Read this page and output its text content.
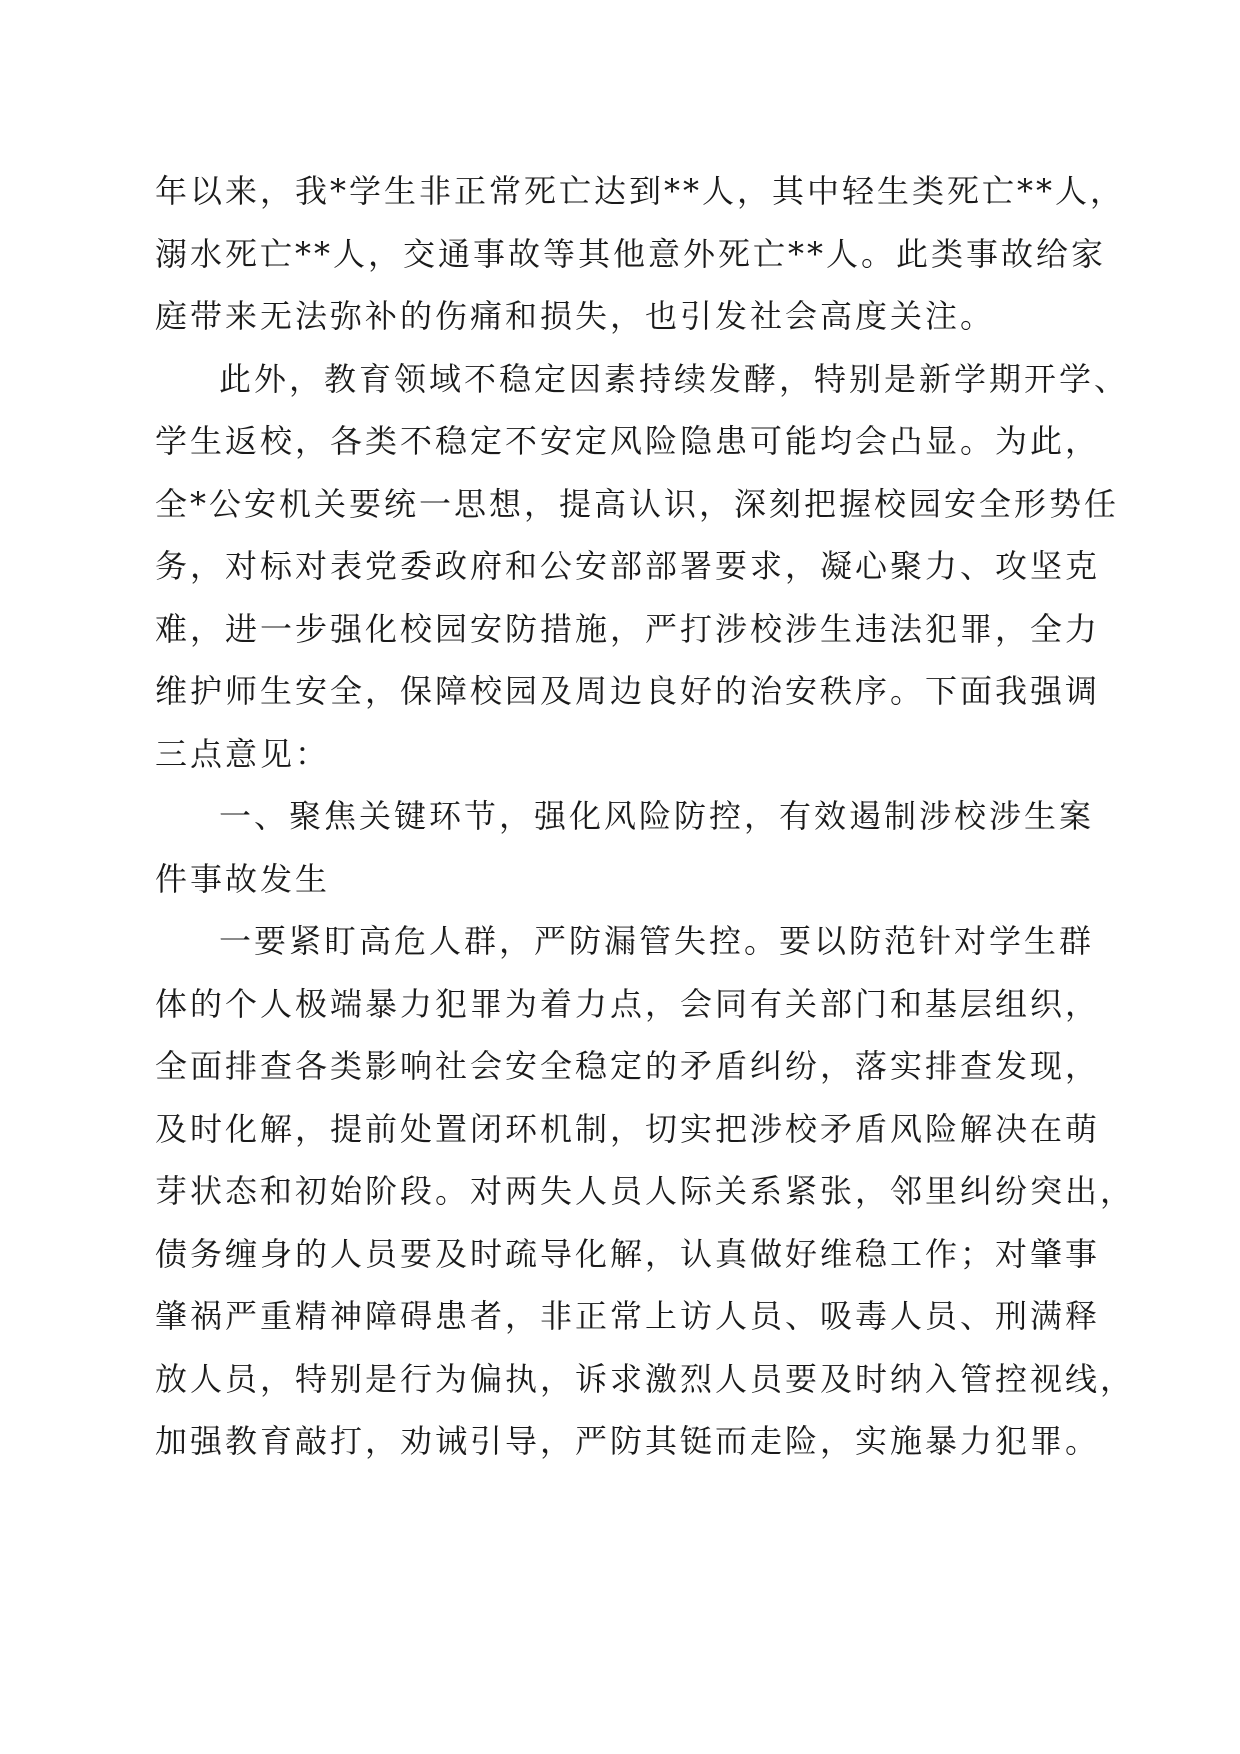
年以来，我*学生非正常死亡达到**人，其中轻生类死亡**人，
溺水死亡**人，交通事故等其他意外死亡**人。此类事故给家
庭带来无法弥补的伤痛和损失，也引发社会高度关注。
此外，教育领域不稳定因素持续发酵，特别是新学期开学、
学生返校，各类不稳定不安定风险隐患可能均会凸显。为此，
全*公安机关要统一思想，提高认识，深刻把握校园安全形势任
务，对标对表党委政府和公安部部署要求，凝心聚力、攻坚克
难，进一步强化校园安防措施，严打涉校涉生违法犯罪，全力
维护师生安全，保障校园及周边良好的治安秩序。下面我强调
三点意见：
一、聚焦关键环节，强化风险防控，有效遏制涉校涉生案
件事故发生
一要紧盯高危人群，严防漏管失控。要以防范针对学生群
体的个人极端暴力犯罪为着力点，会同有关部门和基层组织，
全面排查各类影响社会安全稳定的矛盾纠纷，落实排查发现，
及时化解，提前处置闭环机制，切实把涉校矛盾风险解决在萌
芽状态和初始阶段。对两失人员人际关系紧张，邻里纠纷突出，
债务缠身的人员要及时疏导化解，认真做好维稳工作；对肇事
肇祸严重精神障碍患者，非正常上访人员、吸毒人员、刑满释
放人员，特别是行为偏执，诉求激烈人员要及时纳入管控视线，
加强教育敲打，劝诫引导，严防其铤而走险，实施暴力犯罪。
